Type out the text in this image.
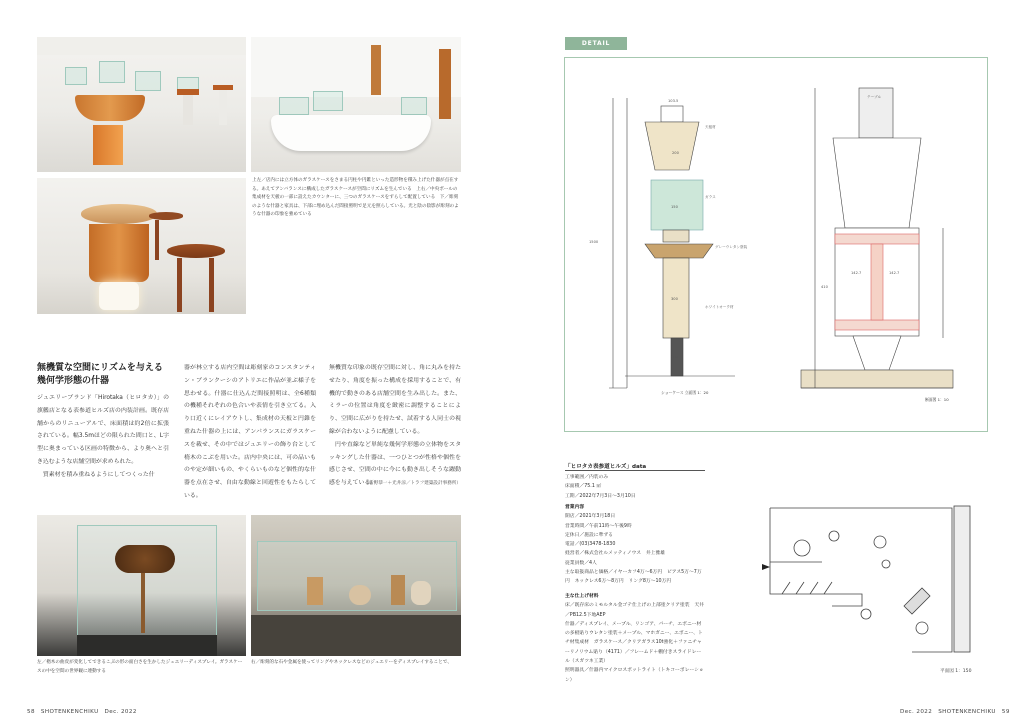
上左／店内には立方体のガラスケースをさまる円柱や円錐といった造形物を積み上げた什器が点在する。あえてアンバランスに構成したガラスケースが空間にリズムを生んでいる　上右／中央ボールの集成材を天板の一部に設えたカウンターに、三つのガラスケースをずらして配置している　下／彫刻のような什器と家具は、下部に埋め込んだ間接照明で足元を照らしている。光と陰の陰影が彫刻のような什器の印象を強めている
無機質な空間にリズムを与える
幾何学形態の什器
ジュエリーブランド「Hirotaka（ヒロタカ）」の旗艦店となる表参道ヒルズ店の内装計画。既存店舗からのリニューアルで、床面積は約2倍に拡張されている。幅3.5mほどの限られた間口と、L字型に奥まっている区画の特徴から、より奥へと引き込むような店舗空間が求められた。
　質素材を積み重ねるようにしてつくった什
器が林立する店内空間は彫刻家のコンスタンティン・ブランクーシのアトリエに作品が並ぶ様子を思わせる。什器に仕込んだ間接照明は、全6種類の機種それぞれの色合いや表情を引き立てる。入り口近くにレイアウトし、集成材の天板と円錐を重ねた什器の上には、アンバランスにガラスケースを載せ、その中ではジュエリーの飾り台として楕木のこぶを用いた。店内中央には、可の品いものや定が細いもの、やくらいものなど個性的な什器を点在させ、自由な動線と回遊性をもたらしている。
無機質な印象の既存空間に対し、角に丸みを持たせたり、角度を振った構成を採用することで、有機的で動きのある店舗空間を生み出した。また、ミラーの位置は角度を緻密に調整することにより、空間に広がりを持たせ、試着する人同士の視線が合わないように配慮している。
　円や直線など単純な幾何学形態の立体物をスタッキングした什器は、一つひとつが性格や個性を感じさせ、空間の中に今にも動き出しそうな躍動感を与えている。
（新野恭一＋光井涼／トラフ建築設計事務所）
左／楕木の曲皮が変化してできるこぶの形の面白さを生かしたジュエリーディスプレイ。ガラスケースの中を空間の世界観に連動する
右／彫刻的な石や金属を使ってリングやネックレスなどのジュエリーをディスプレイすることで、
58　SHOTENKENCHIKU　Dec. 2022
DETAIL
103.5
200
天板材
ガラス
グレーウレタン塗装
ホワイトオーク材
150
300
140
1500
ショーケース 立面図 1：20
テーブル
142.7	142.7
410
断面図 1：10
「ヒロタカ表参道ヒルズ」data
工事範囲／内装のみ
床面積／75.1 ㎡
工期／2022年7月3日〜3月10日
営業内容
開店／2021年3月18日
営業時間／午前11時〜午後9時
定休日／施設に準ずる
電話／(03)3478-1830
経営者／株式会社ルメッティノウス　井上雅雄
従業員数／4人
主な取扱商品と価格／イヤーカフ4万〜6万円　ピアス5万〜7万円　ネックレス6万〜8万円　リング8万〜10万円
主な仕上げ材料
床／既存床のミモルタル金ゴテ仕上げの上部塗クリア塗装　天井／PB12.5下地AEP
什器／ディスプレイ、メープル、リンゴア、バーチ、エボニー材の多板貼りウレタン塗装＋メープル、マホガニー、エボニー、トチ材集成材　ガラスケース／クリアガラス10t強化＋ファニチャーリノリウム貼り（4171）／フレームド＋棚付きスライドレール（スガツネ工業）
照明器具／什器内マイクロスポットライト（トキコーポレーション）
平面図 1：150
Dec. 2022　SHOTENKENCHIKU　59
